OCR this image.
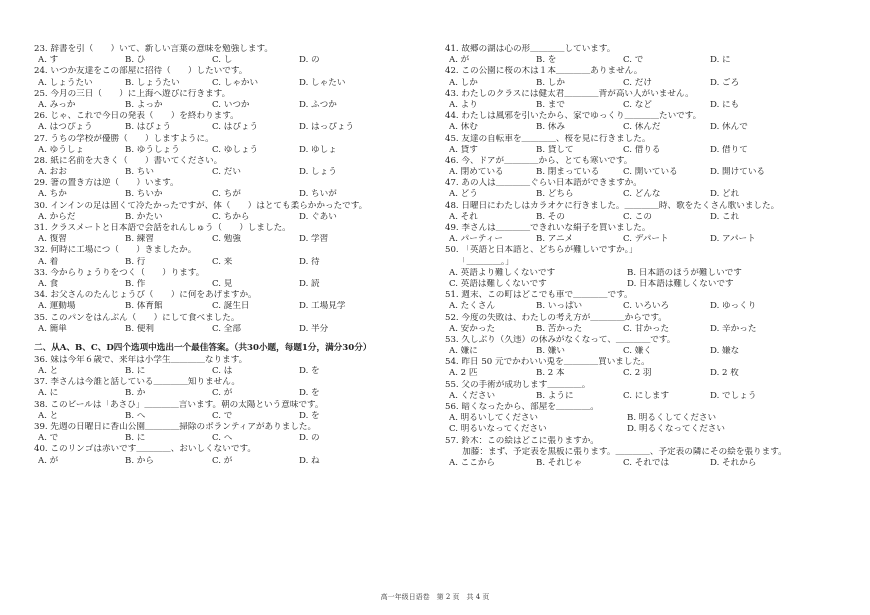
23. 辞書を引（　　）いて、新しい言葉の意味を勉強します。
A. す	B. ひ	C. し	D. の
24. いつか友達をこの部屋に招待（　　）したいです。
A. しょうたい	B. しょうたい	C. しゃかい	D. しゃたい
25. 今月の三日（　　）に上海へ遊びに行きます。
A. みっか	B. よっか	C. いつか	D. ふつか
26. じゃ、これで今日の発表（　　）を終わります。
A. はつぴょう	B. はぴょう	C. はぴょう	D. はっぴょう
27. うちの学校が優勝（　　）しますように。
A. ゆうしょ	B. ゆうしょう	C. ゆしょう	D. ゆしょ
28. 紙に名前を大きく（　　）書いてください。
A. おお	B. ちい	C. だい	D. しょう
29. 箸の置き方は逆（　　）います。
A. ちか	B. ちいか	C. ちが	D. ちいが
30. インインの足は固くて冷たかったですが、体（　　）はとても柔らかかったです。
A. からだ	B. かたい	C. ちから	D. ぐあい
31. クラスメートと日本語で会話をれんしゅう（　　）しました。
A. 復習	B. 練習	C. 勉強	D. 学習
32. 何時に工場につ（　　）きましたか。
A. 着	B. 行	C. 来	D. 待
33. 今からりょうりをつく（　　）ります。
A. 食	B. 作	C. 見	D. 読
34. お父さんのたんじょうび（　　）に何をあげますか。
A. 運動場	B. 体育館	C. 誕生日	D. 工場見学
35. このパンをはんぶん（　　）にして食べました。
A. 簡単	B. 便利	C. 全部	D. 半分
二、从A、B、C、D四个选项中选出一个最佳答案。（共30小题，每题1分，满分30分）
36. 妹は今年６歳で、来年は小学生＿＿＿＿なります。
A. と	B. に	C. は	D. を
37. 李さんは今誰と話している＿＿＿＿知りません。
A. に	B. か	C. が	D. を
38. このビールは「あさひ」＿＿＿＿言います。朝の太陽という意味です。
A. と	B. へ	C. で	D. を
39. 先週の日曜日に香山公園＿＿＿＿掃除のボランティアがありました。
A. で	B. に	C. へ	D. の
40. このリンゴは赤いです＿＿＿＿、おいしくないです。
A. が	B. から	C. が	D. ね
41. 故郷の湖は心の形＿＿＿＿しています。
A. が	B. を	C. で	D. に
42. この公園に桜の木は１本＿＿＿＿ありません。
A. しか	B. しか	C. だけ	D. ごろ
43. わたしのクラスには健太君＿＿＿＿背が高い人がいません。
A. より	B. まで	C. など	D. にも
44. わたしは風邪を引いたから、家でゆっくり＿＿＿＿たいです。
A. 休む	B. 休み	C. 休んだ	D. 休んで
45. 友達の自転車を＿＿＿＿、桜を見に行きました。
A. 貸す	B. 貸して	C. 借りる	D. 借りて
46. 今、ドアが＿＿＿＿から、とても寒いです。
A. 閉めている	B. 閉まっている	C. 開いている	D. 開けている
47. あの人は＿＿＿＿ぐらい日本語ができますか。
A. どう	B. どちら	C. どんな	D. どれ
48. 日曜日にわたしはカラオケに行きました。＿＿＿＿時、歌をたくさん歌いました。
A. それ	B. その	C. この	D. これ
49. 李さんは＿＿＿＿できれいな絹子を買いました。
A. パーティー	B. アニメ	C. デパート	D. アパート
50. 「英語と日本語と、どちらが難しいですか。」
　　「＿＿＿＿。」
A. 英語より難しくないです	B. 日本語のほうが難しいです
C. 英語は難しくないです	D. 日本語は難しくないです
51. 週末、この町はどこでも車で＿＿＿＿です。
A. たくさん	B. いっぱい	C. いろいろ	D. ゆっくり
52. 今度の失敗は、わたしの考え方が＿＿＿＿からです。
A. 安かった	B. 苦かった	C. 甘かった	D. 辛かった
53. 久しぶり（久违）の休みがなくなって、＿＿＿＿です。
A. 嫌に	B. 嫌い	C. 嫌く	D. 嫌な
54. 昨日 50 元でかわいい兎を＿＿＿＿買いました。
A. 2 匹	B. 2 本	C. 2 羽	D. 2 枚
55. 父の手術が成功します＿＿＿＿。
A. ください	B. ように	C. にします	D. でしょう
56. 暗くなったから、部屋を＿＿＿＿。
A. 明るいしてください	B. 明るくしてください
C. 明るいなってください	D. 明るくなってください
57. 鈴木：この絵はどこに張りますか。
　　加藤：まず、予定表を黒板に張ります。＿＿＿＿、予定表の隣にその絵を張ります。
A. ここから	B. それじゃ	C. それでは	D. それから
高一年级日语卷　第 2 页　共 4 页
